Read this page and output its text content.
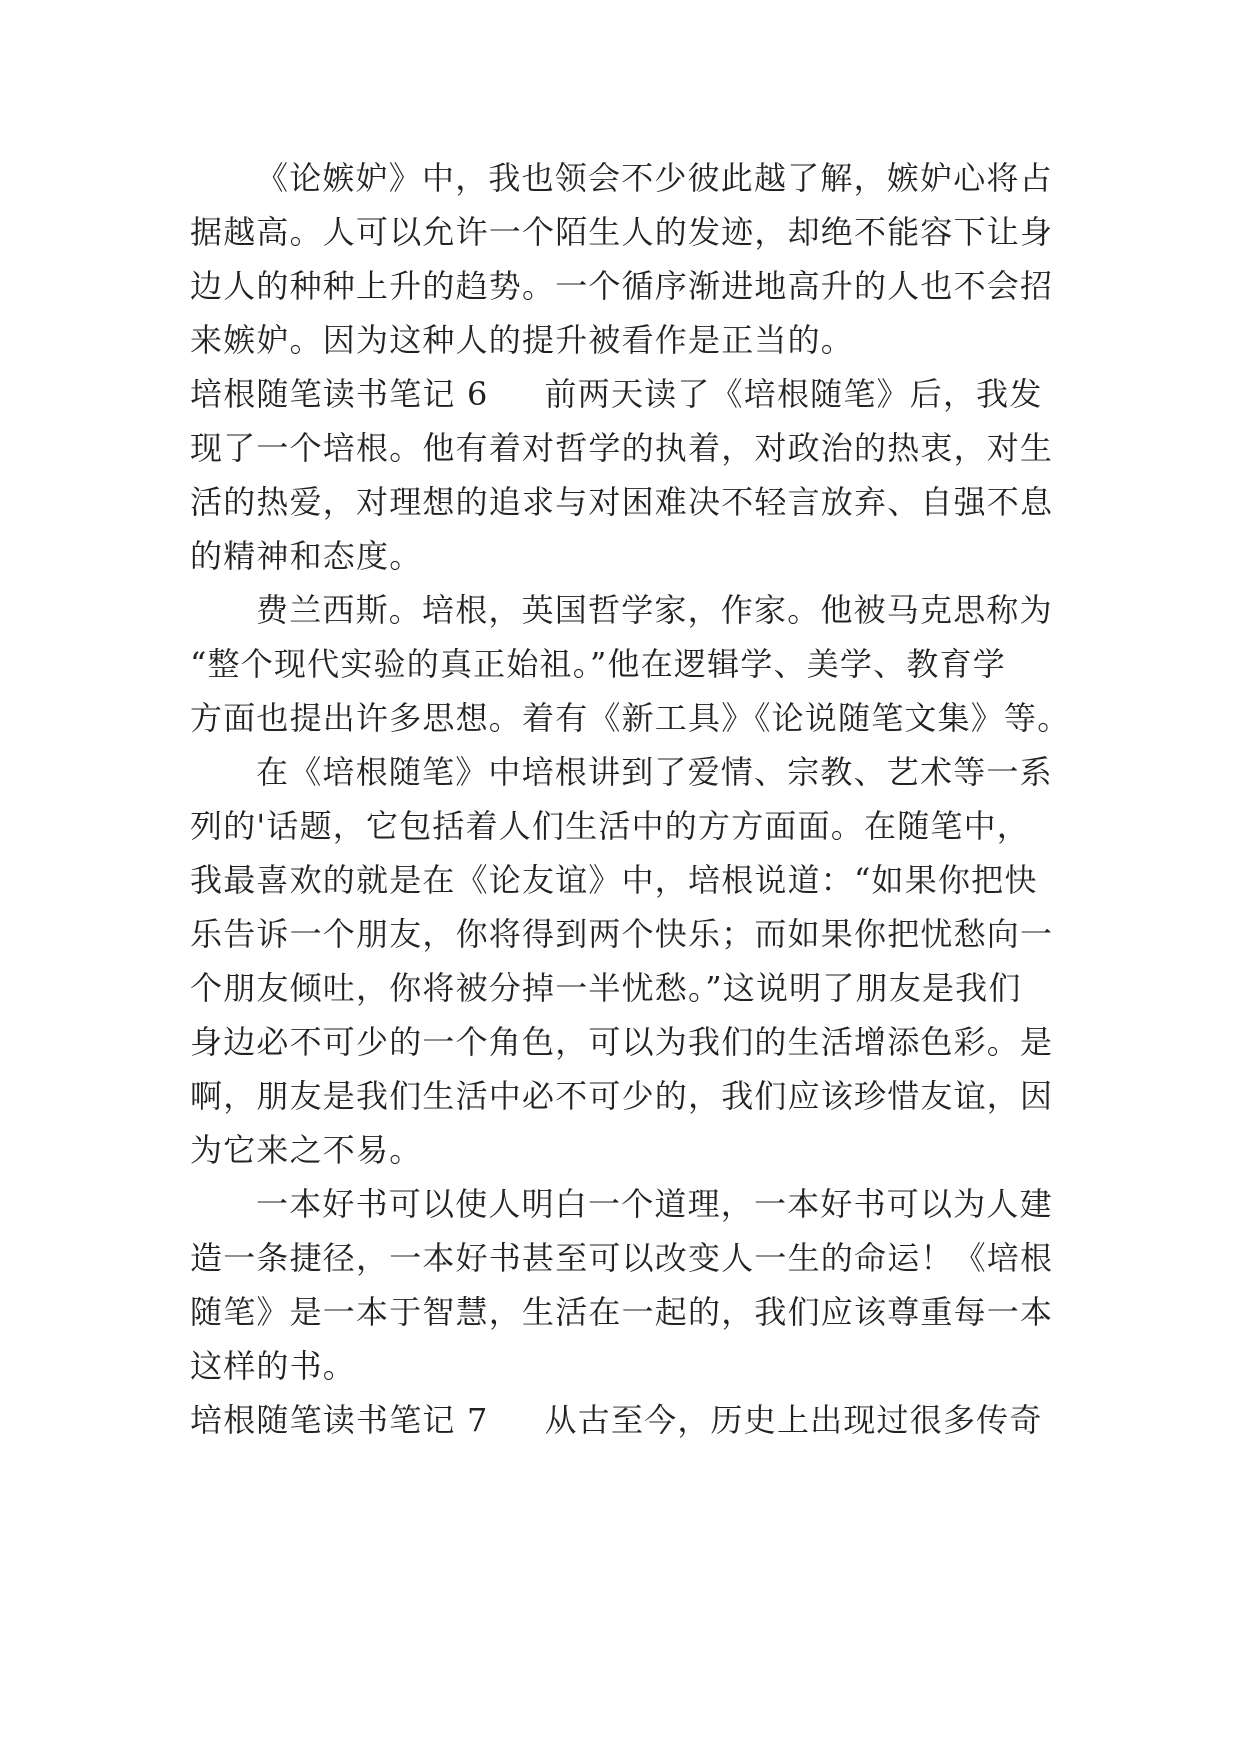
《论嫉妒》中，我也领会不少彼此越了解，嫉妒心将占
据越高。人可以允许一个陌生人的发迹，却绝不能容下让身
边人的种种上升的趋势。一个循序渐进地高升的人也不会招
来嫉妒。因为这种人的提升被看作是正当的。
培根随笔读书笔记 6 前两天读了《培根随笔》后，我发
现了一个培根。他有着对哲学的执着，对政治的热衷，对生
活的热爱，对理想的追求与对困难决不轻言放弃、自强不息
的精神和态度。
费兰西斯。培根，英国哲学家，作家。他被马克思称为
“整个现代实验的真正始祖。”他在逻辑学、美学、教育学
方面也提出许多思想。着有《新工具》《论说随笔文集》等。
在《培根随笔》中培根讲到了爱情、宗教、艺术等一系
列的'话题，它包括着人们生活中的方方面面。在随笔中，
我最喜欢的就是在《论友谊》中，培根说道：“如果你把快
乐告诉一个朋友，你将得到两个快乐；而如果你把忧愁向一
个朋友倾吐，你将被分掉一半忧愁。”这说明了朋友是我们
身边必不可少的一个角色，可以为我们的生活增添色彩。是
啊，朋友是我们生活中必不可少的，我们应该珍惜友谊，因
为它来之不易。
一本好书可以使人明白一个道理，一本好书可以为人建
造一条捷径，一本好书甚至可以改变人一生的命运！《培根
随笔》是一本于智慧，生活在一起的，我们应该尊重每一本
这样的书。
培根随笔读书笔记 7 从古至今，历史上出现过很多传奇
